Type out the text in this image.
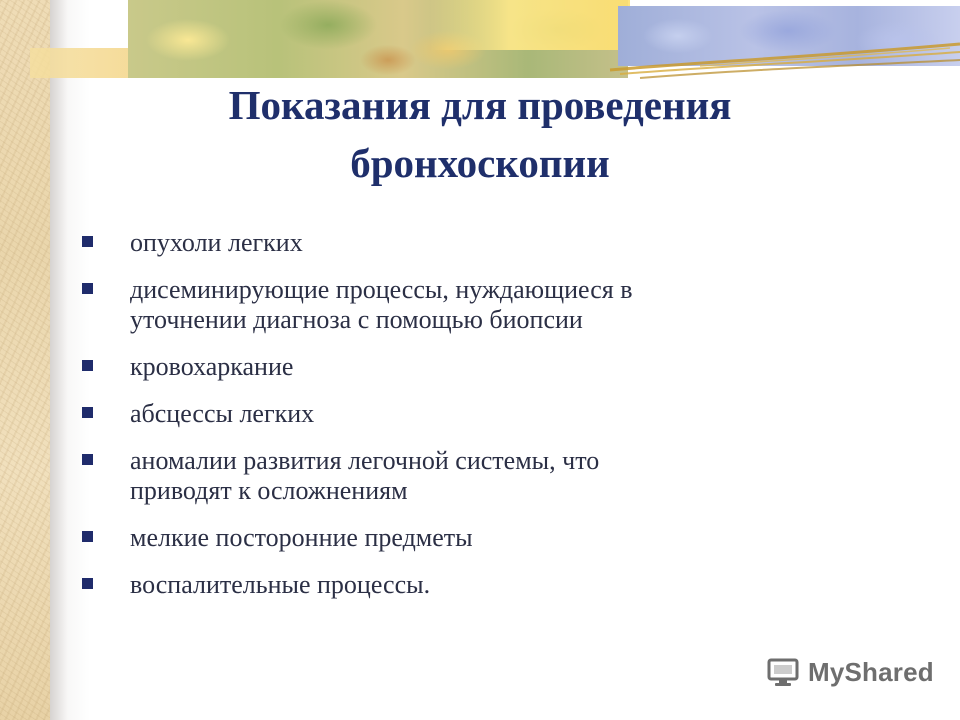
Показания для проведения
бронхоскопии
опухоли легких
дисеминирующие процессы, нуждающиеся в
уточнении диагноза с помощью биопсии
кровохаркание
абсцессы легких
аномалии развития легочной системы, что
приводят к осложнениям
мелкие посторонние предметы
воспалительные процессы.
MyShared
